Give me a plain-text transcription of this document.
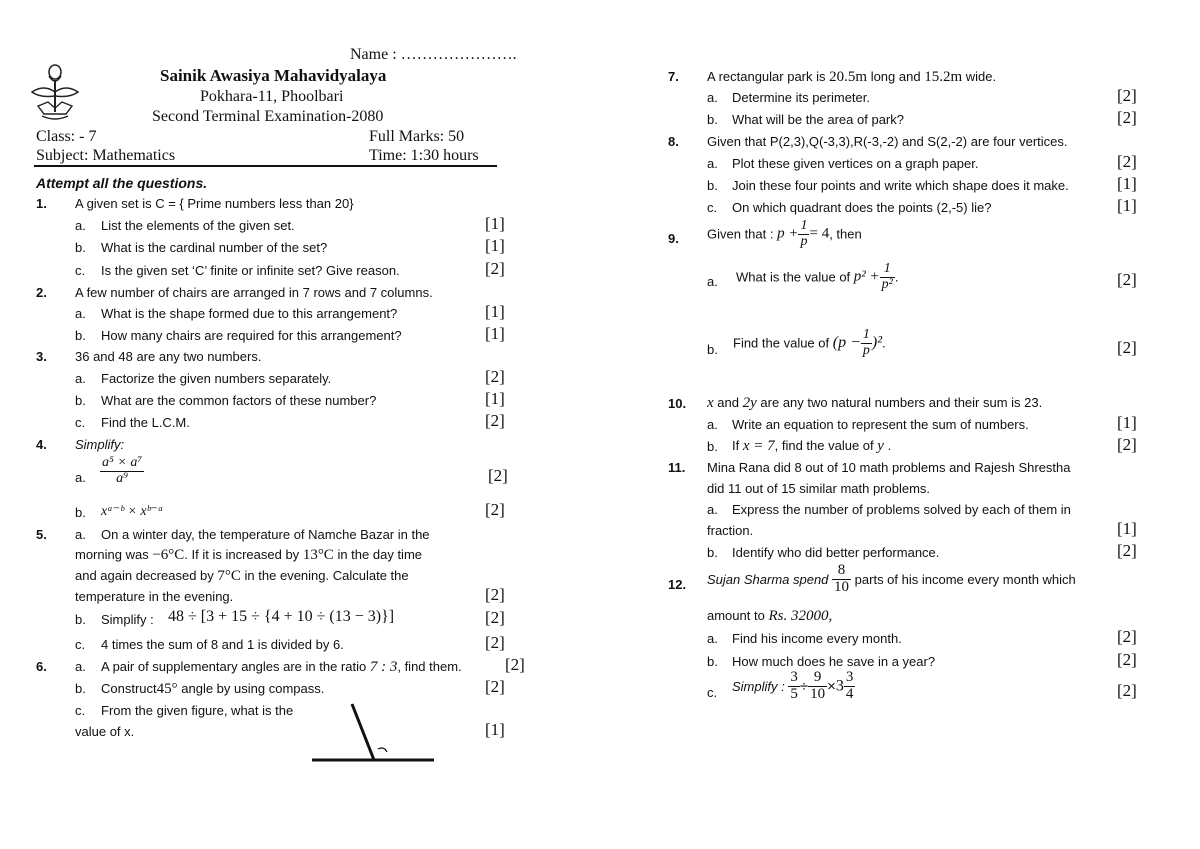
Name : ………………….
Sainik Awasiya Mahavidyalaya
Pokhara-11, Phoolbari
Second Terminal Examination-2080
Class: - 7	Full Marks: 50
Subject: Mathematics	Time: 1:30 hours
Attempt all the questions.
1. A given set is C = { Prime numbers less than 20}
a. List the elements of the given set.	[1]
b. What is the cardinal number of the set?	[1]
c. Is the given set ‘C’ finite or infinite set? Give reason.	[2]
2. A few number of chairs are arranged in 7 rows and 7 columns.
a. What is the shape formed due to this arrangement?	[1]
b. How many chairs are required for this arrangement?	[1]
3. 36 and 48 are any two numbers.
a. Factorize the given numbers separately.	[2]
b. What are the common factors of these number?	[1]
c. Find the L.C.M.	[2]
4. Simplify:
a. $\frac{\text{a⁵ × a⁷}}{\text{a⁹}}$	[2]
b. xᵃ⁻ᵇ × xᵇ⁻ᵃ	[2]
5. a. On a winter day, the temperature of Namche Bazar in the
morning was −6°C. If it is increased by 13°C in the day time
and again decreased by 7°C in the evening. Calculate the
temperature in the evening.	[2]
b. Simplify : 48 ÷ [3 + 15 ÷ {4 + 10 ÷ (13 − 3)}]	[2]
c. 4 times the sum of 8 and 1 is divided by 6.	[2]
6. a. A pair of supplementary angles are in the ratio 7 : 3, find them.	[2]
b. Construct45° angle by using compass.	[2]
c. From the given figure, what is the
value of x.	[1]
7. A rectangular park is 20.5m long and 15.2m wide.
a. Determine its perimeter.	[2]
b. What will be the area of park?	[2]
8. Given that P(2,3),Q(-3,3),R(-3,-2) and S(2,-2) are four vertices.
a. Plot these given vertices on a graph paper.	[2]
b. Join these four points and write which shape does it make.	[1]
c. On which quadrant does the points (2,-5) lie?	[1]
9. Given that : $p + \frac{1}{p} = 4$, then
a. What is the value of $p^2 + \frac{1}{\text{p²}}$ .	[2]
b. Find the value of $(p - \frac{1}{p} )^2$.	[2]
10. x and 2y are any two natural numbers and their sum is 23.
a. Write an equation to represent the sum of numbers.	[1]
b. If x = 7, find the value of y .	[2]
11. Mina Rana did 8 out of 10 math problems and Rajesh Shrestha
did 11 out of 15 similar math problems.
a. Express the number of problems solved by each of them in
fraction.	[1]
b. Identify who did better performance.	[2]
12. Sujan Sharma spend $\frac{8}{10}$ parts of his income every month which
amount to Rs. 32000,
a. Find his income every month.	[2]
b. How much does he save in a year?	[2]
c. Simplify : $\frac{3}{5} \div \frac{9}{10} \times 3 \frac{3}{4}$	[2]
